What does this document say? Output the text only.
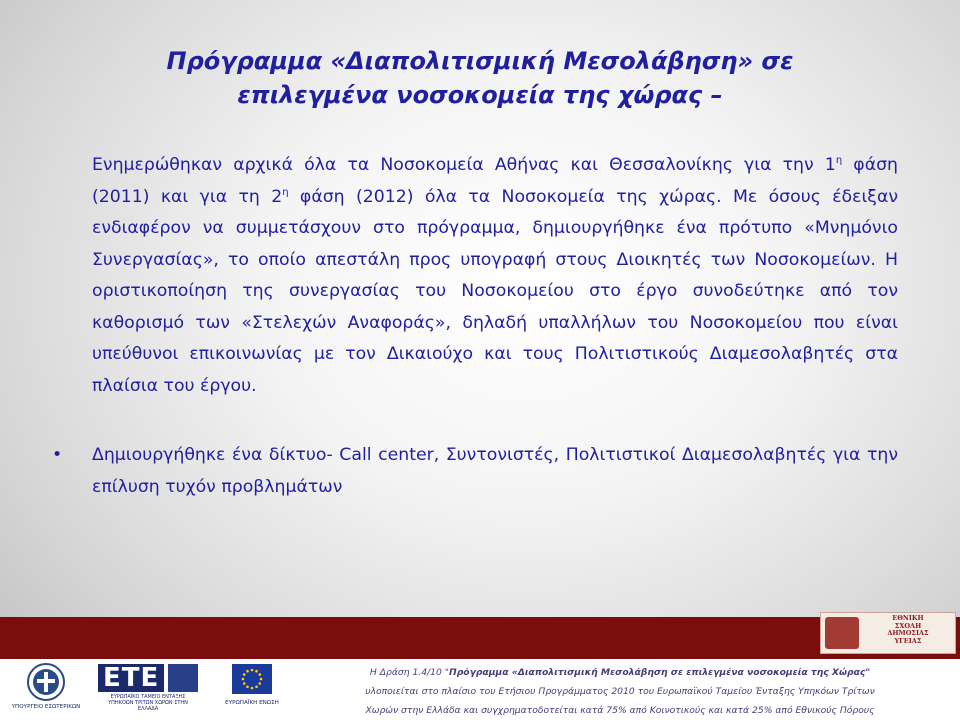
Πρόγραμμα «Διαπολιτισμική Μεσολάβηση» σε
επιλεγμένα νοσοκομεία της χώρας –
Ενημερώθηκαν αρχικά όλα τα Νοσοκομεία Αθήνας και Θεσσαλονίκης για την $1^\eta$ φάση (2011) και για τη $2^\eta$ φάση (2012) όλα τα Νοσοκομεία της χώρας. Με όσους έδειξαν ενδιαφέρον να συμμετάσχουν στο πρόγραμμα, δημιουργήθηκε ένα πρότυπο «Μνημόνιο Συνεργασίας», το οποίο απεστάλη προς υπογραφή στους Διοικητές των Νοσοκομείων. Η οριστικοποίηση της συνεργασίας του Νοσοκομείου στο έργο συνοδεύτηκε από τον καθορισμό των «Στελεχών Αναφοράς», δηλαδή υπαλλήλων του Νοσοκομείου που είναι υπεύθυνοι επικοινωνίας με τον Δικαιούχο και τους Πολιτιστικούς Διαμεσολαβητές στα πλαίσια του έργου.
•	Δημιουργήθηκε ένα δίκτυο- Call center, Συντονιστές, Πολιτιστικοί Διαμεσολαβητές για την επίλυση τυχόν προβλημάτων
ΕΘΝΙΚΗ
ΣΧΟΛΗ
ΔΗΜΟΣΙΑΣ
ΥΓΕΙΑΣ
ΥΠΟΥΡΓΕΙΟ ΕΣΩΤΕΡΙΚΩΝ
ΕΤΕ
ΕΥΡΩΠΑΪΚΟ ΤΑΜΕΙΟ ΕΝΤΑΞΗΣ ΥΠΗΚΟΩΝ ΤΡΙΤΩΝ ΧΩΡΩΝ ΣΤΗΝ ΕΛΛΑΔΑ
ΕΥΡΩΠΑΪΚΗ ΕΝΩΣΗ
Η Δράση 1.4/10 "Πρόγραμμα «Διαπολιτισμική Μεσολάβηση σε επιλεγμένα νοσοκομεία της Χώρας"
υλοποιείται στο πλαίσιο του Ετήσιου Προγράμματος 2010 του Ευρωπαϊκού Ταμείου Ένταξης Υπηκόων Τρίτων
Χωρών στην Ελλάδα και συγχρηματοδοτείται κατά 75% από Κοινοτικούς και κατά 25% από Εθνικούς Πόρους
